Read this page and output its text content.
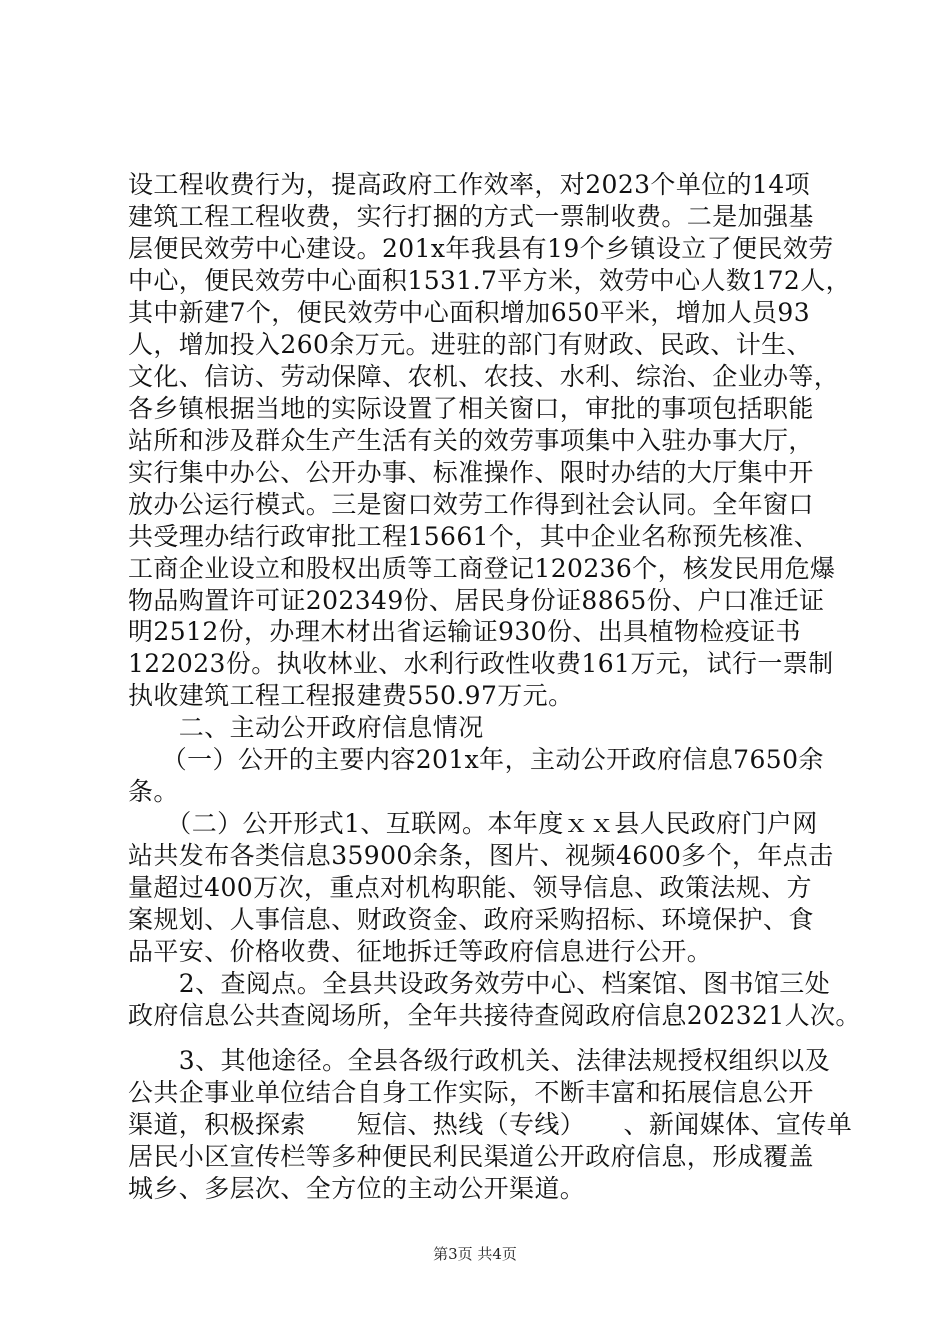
设工程收费行为，提高政府工作效率，对2023个单位的14项
建筑工程工程收费，实行打捆的方式一票制收费。二是加强基
层便民效劳中心建设。201x年我县有19个乡镇设立了便民效劳
中心，便民效劳中心面积1531.7平方米，效劳中心人数172人，
其中新建7个，便民效劳中心面积增加650平米，增加人员93
人，增加投入260余万元。进驻的部门有财政、民政、计生、
文化、信访、劳动保障、农机、农技、水利、综治、企业办等，
各乡镇根据当地的实际设置了相关窗口，审批的事项包括职能
站所和涉及群众生产生活有关的效劳事项集中入驻办事大厅，
实行集中办公、公开办事、标准操作、限时办结的大厅集中开
放办公运行模式。三是窗口效劳工作得到社会认同。全年窗口
共受理办结行政审批工程15661个，其中企业名称预先核准、
工商企业设立和股权出质等工商登记120236个，核发民用危爆
物品购置许可证202349份、居民身份证8865份、户口准迁证
明2512份，办理木材出省运输证930份、出具植物检疫证书
122023份。执收林业、水利行政性收费161万元，试行一票制
执收建筑工程工程报建费550.97万元。
　　二、主动公开政府信息情况
　 （一）公开的主要内容201x年，主动公开政府信息7650余
条。
　　（二）公开形式1、互联网。本年度ｘｘ县人民政府门户网
站共发布各类信息35900余条，图片、视频4600多个，年点击
量超过400万次，重点对机构职能、领导信息、政策法规、方
案规划、人事信息、财政资金、政府采购招标、环境保护、食
品平安、价格收费、征地拆迁等政府信息进行公开。
　　2、查阅点。全县共设政务效劳中心、档案馆、图书馆三处
政府信息公共查阅场所，全年共接待查阅政府信息202321人次。
　　3、其他途径。全县各级行政机关、法律法规授权组织以及
公共企事业单位结合自身工作实际，不断丰富和拓展信息公开
渠道，积极探索　　短信、热线（专线）　　、新闻媒体、宣传单
居民小区宣传栏等多种便民利民渠道公开政府信息，形成覆盖
城乡、多层次、全方位的主动公开渠道。
第3页 共4页
